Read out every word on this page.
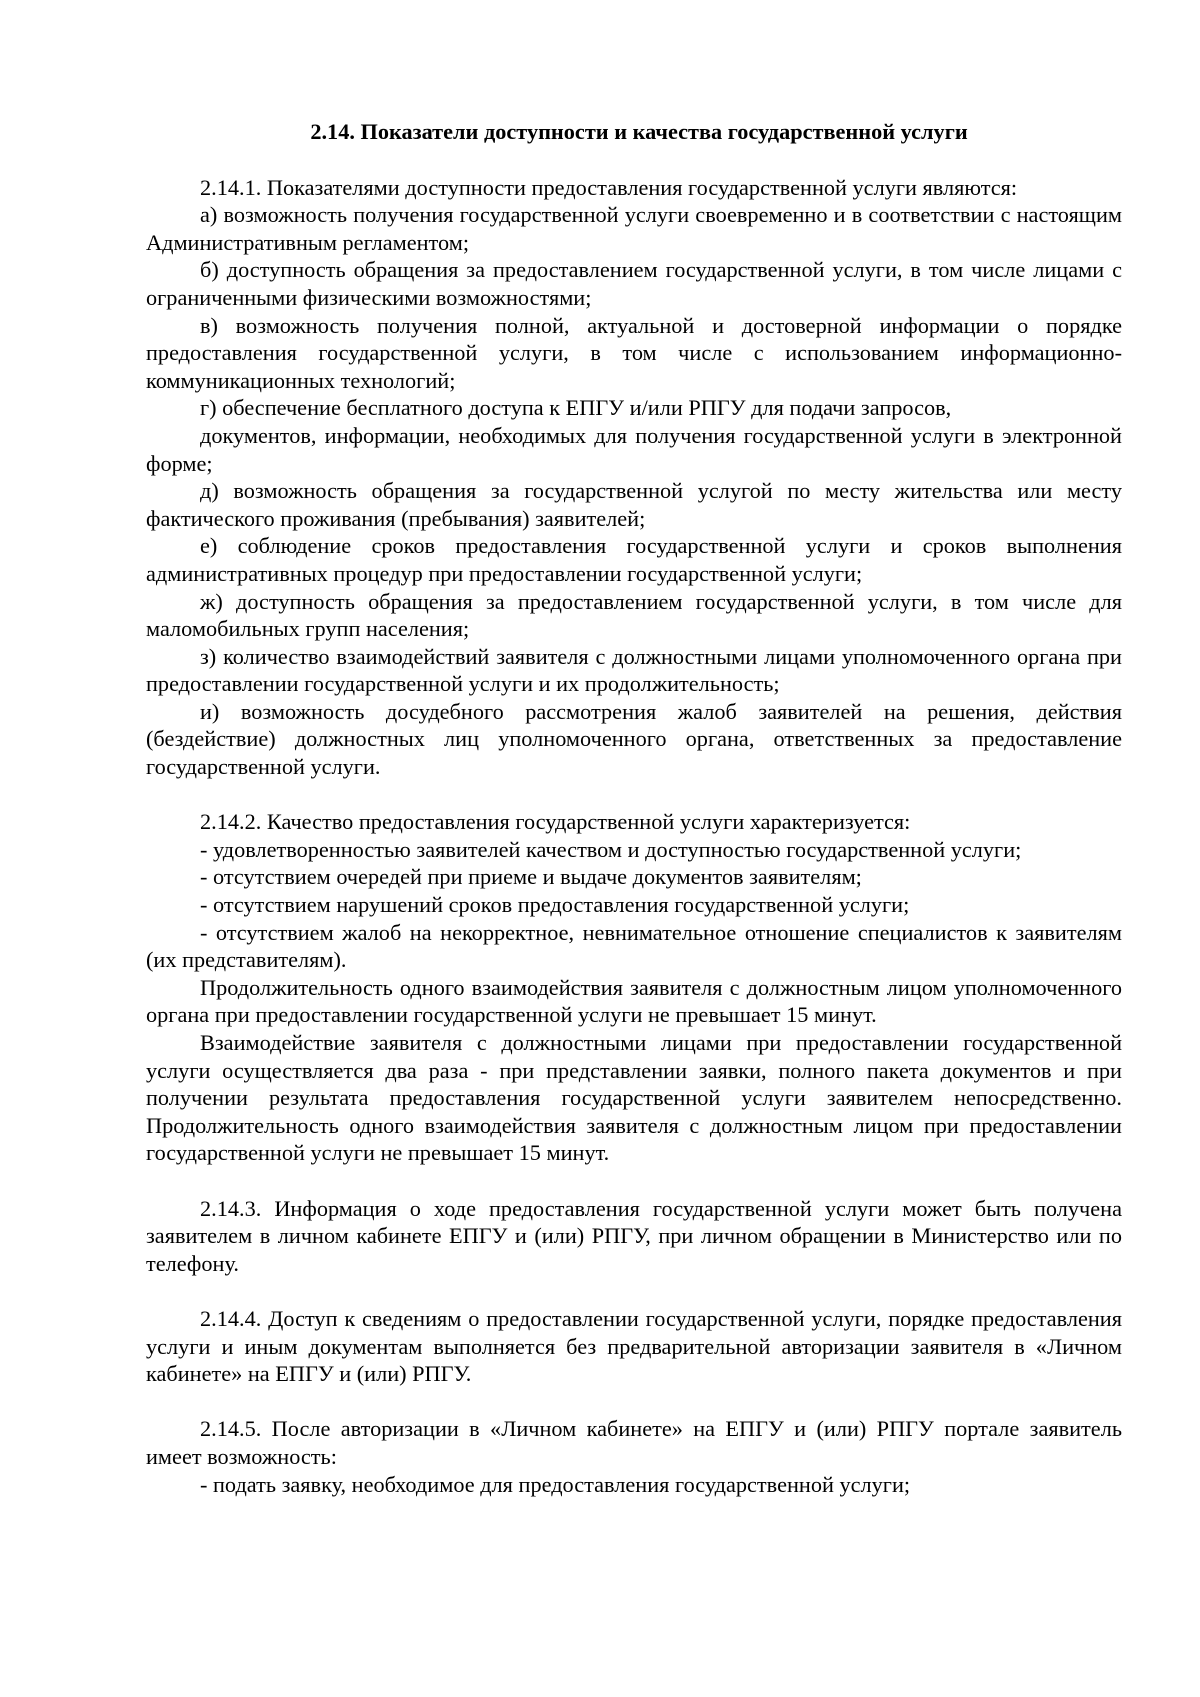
2.14. Показатели доступности и качества государственной услуги

2.14.1. Показателями доступности предоставления государственной услуги являются:

а) возможность получения государственной услуги своевременно и в соответствии с настоящим Административным регламентом;

б) доступность обращения за предоставлением государственной услуги, в том числе лицами с ограниченными физическими возможностями;

в) возможность получения полной, актуальной и достоверной информации о порядке предоставления государственной услуги, в том числе с использованием информационно-коммуникационных технологий;

г) обеспечение бесплатного доступа к ЕПГУ и/или РПГУ для подачи запросов,

документов, информации, необходимых для получения государственной услуги в электронной форме;

д) возможность обращения за государственной услугой по месту жительства или месту фактического проживания (пребывания) заявителей;

е) соблюдение сроков предоставления государственной услуги и сроков выполнения административных процедур при предоставлении государственной услуги;

ж) доступность обращения за предоставлением государственной услуги, в том числе для маломобильных групп населения;

з) количество взаимодействий заявителя с должностными лицами уполномоченного органа при предоставлении государственной услуги и их продолжительность;

и) возможность досудебного рассмотрения жалоб заявителей на решения, действия (бездействие) должностных лиц уполномоченного органа, ответственных за предоставление государственной услуги.

2.14.2. Качество предоставления государственной услуги характеризуется:

- удовлетворенностью заявителей качеством и доступностью государственной услуги;

- отсутствием очередей при приеме и выдаче документов заявителям;

- отсутствием нарушений сроков предоставления государственной услуги;

- отсутствием жалоб на некорректное, невнимательное отношение специалистов к заявителям (их представителям).

Продолжительность одного взаимодействия заявителя с должностным лицом уполномоченного органа при предоставлении государственной услуги не превышает 15 минут.

Взаимодействие заявителя с должностными лицами при предоставлении государственной услуги осуществляется два раза - при представлении заявки, полного пакета документов и при получении результата предоставления государственной услуги заявителем непосредственно. Продолжительность одного взаимодействия заявителя с должностным лицом при предоставлении государственной услуги не превышает 15 минут.

2.14.3. Информация о ходе предоставления государственной услуги может быть получена заявителем в личном кабинете ЕПГУ и (или) РПГУ, при личном обращении в Министерство или по телефону.

2.14.4. Доступ к сведениям о предоставлении государственной услуги, порядке предоставления услуги и иным документам выполняется без предварительной авторизации заявителя в «Личном кабинете» на ЕПГУ и (или) РПГУ.

2.14.5. После авторизации в «Личном кабинете» на ЕПГУ и (или) РПГУ портале заявитель имеет возможность:

- подать заявку, необходимое для предоставления государственной услуги;
